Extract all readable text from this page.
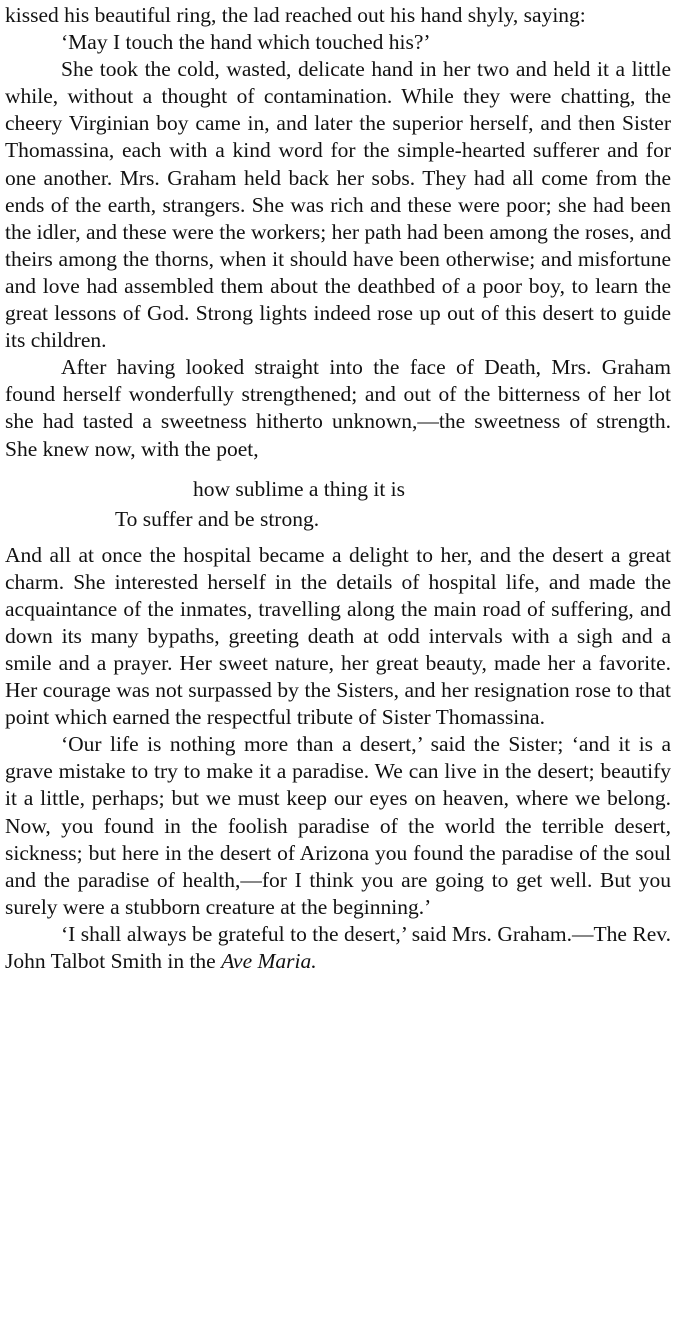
kissed his beautiful ring, the lad reached out his hand shyly, saying:

‘May I touch the hand which touched his?’

She took the cold, wasted, delicate hand in her two and held it a little while, without a thought of contamination. While they were chatting, the cheery Virginian boy came in, and later the superior herself, and then Sister Thomassina, each with a kind word for the simple-hearted sufferer and for one another. Mrs. Graham held back her sobs. They had all come from the ends of the earth, strangers. She was rich and these were poor; she had been the idler, and these were the workers; her path had been among the roses, and theirs among the thorns, when it should have been otherwise; and misfortune and love had assembled them about the deathbed of a poor boy, to learn the great lessons of God. Strong lights indeed rose up out of this desert to guide its children.

After having looked straight into the face of Death, Mrs. Graham found herself wonderfully strengthened; and out of the bitterness of her lot she had tasted a sweetness hitherto unknown,—the sweetness of strength. She knew now, with the poet,

how sublime a thing it is
To suffer and be strong.

And all at once the hospital became a delight to her, and the desert a great charm. She interested herself in the details of hospital life, and made the acquaintance of the inmates, travelling along the main road of suffering, and down its many bypaths, greeting death at odd intervals with a sigh and a smile and a prayer. Her sweet nature, her great beauty, made her a favorite. Her courage was not surpassed by the Sisters, and her resignation rose to that point which earned the respectful tribute of Sister Thomassina.

‘Our life is nothing more than a desert,’ said the Sister; ‘and it is a grave mistake to try to make it a paradise. We can live in the desert; beautify it a little, perhaps; but we must keep our eyes on heaven, where we belong. Now, you found in the foolish paradise of the world the terrible desert, sickness; but here in the desert of Arizona you found the paradise of the soul and the paradise of health,—for I think you are going to get well. But you surely were a stubborn creature at the beginning.’

‘I shall always be grateful to the desert,’ said Mrs. Graham.—The Rev. John Talbot Smith in the Ave Maria.
